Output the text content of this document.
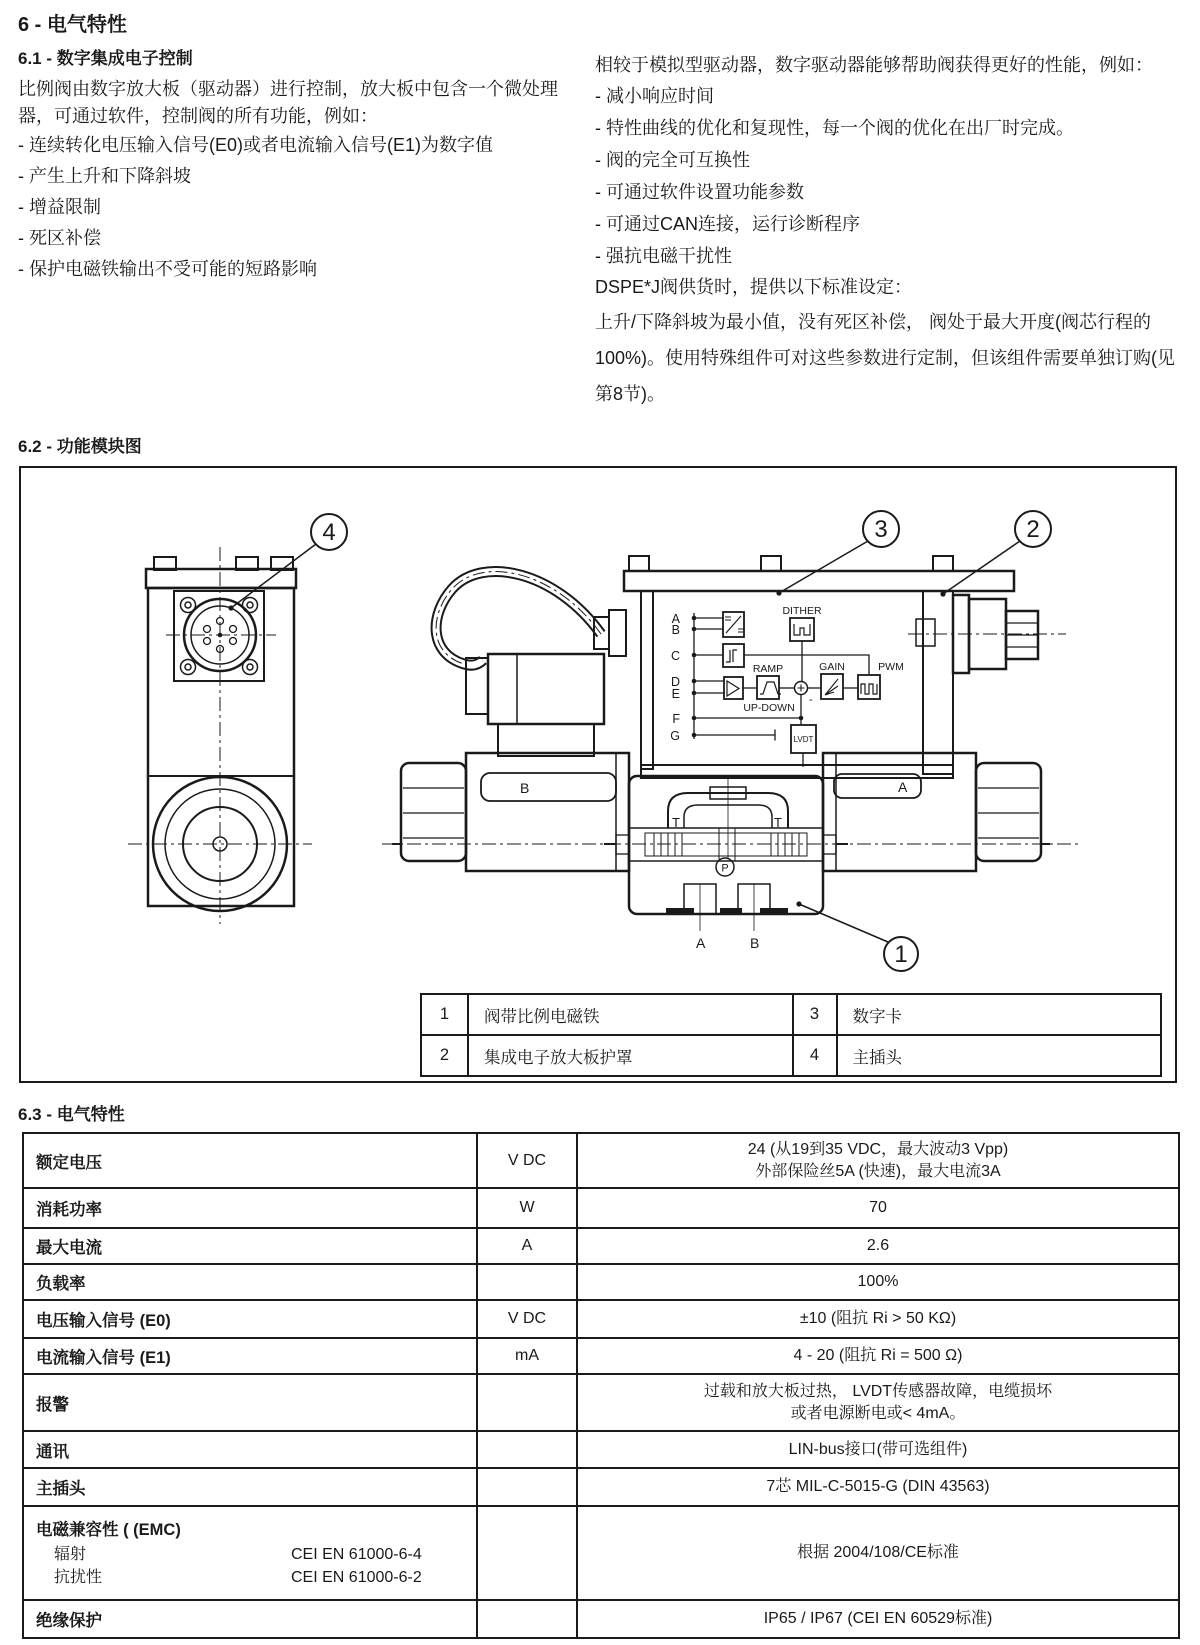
6 - 电气特性
6.1 - 数字集成电子控制
比例阀由数字放大板（驱动器）进行控制，放大板中包含一个微处理器，可通过软件，控制阀的所有功能，例如：
- 连续转化电压输入信号(E0)或者电流输入信号(E1)为数字值
- 产生上升和下降斜坡
- 增益限制
- 死区补偿
- 保护电磁铁输出不受可能的短路影响
相较于模拟型驱动器，数字驱动器能够帮助阀获得更好的性能，例如：
- 减小响应时间
- 特性曲线的优化和复现性，每一个阀的优化在出厂时完成。
- 阀的完全可互换性
- 可通过软件设置功能参数
- 可通过CAN连接，运行诊断程序
- 强抗电磁干扰性
DSPE*J阀供货时，提供以下标准设定：
上升/下降斜坡为最小值，没有死区补偿， 阀处于最大开度(阀芯行程的100%)。使用特殊组件可对这些参数进行定制，但该组件需要单独订购(见第8节)。
6.2 - 功能模块图
A
B
C
D
E
F
G
-
LVDT
RAMP
UP-DOWN
GAIN	PWM
DITHER
B	A
T	T
P
A	B
4	3	2
1
1	阀带比例电磁铁	3	数字卡
2	集成电子放大板护罩	4	主插头
6.3 - 电气特性
额定电压	V DC	24 (从19到35 VDC，最大波动3 Vpp)
外部保险丝5A (快速)，最大电流3A

消耗功率	W	70
最大电流	A	2.6
负载率		100%
电压输入信号 (E0)	V DC	±10 (阻抗 Ri > 50 KΩ)
电流输入信号 (E1)	mA	4 - 20 (阻抗 Ri = 500 Ω)
报警		过载和放大板过热， LVDT传感器故障，电缆损坏
或者电源断电或< 4mA。

通讯		LIN-bus接口(带可选组件)
主插头		7芯 MIL-C-5015-G (DIN 43563)

电磁兼容性 ( (EMC)
辐射 CEI EN 61000-6-4
抗扰性 CEI EN 61000-6-2		根据 2004/108/CE标准
绝缘保护		IP65 / IP67 (CEI EN 60529标准)
